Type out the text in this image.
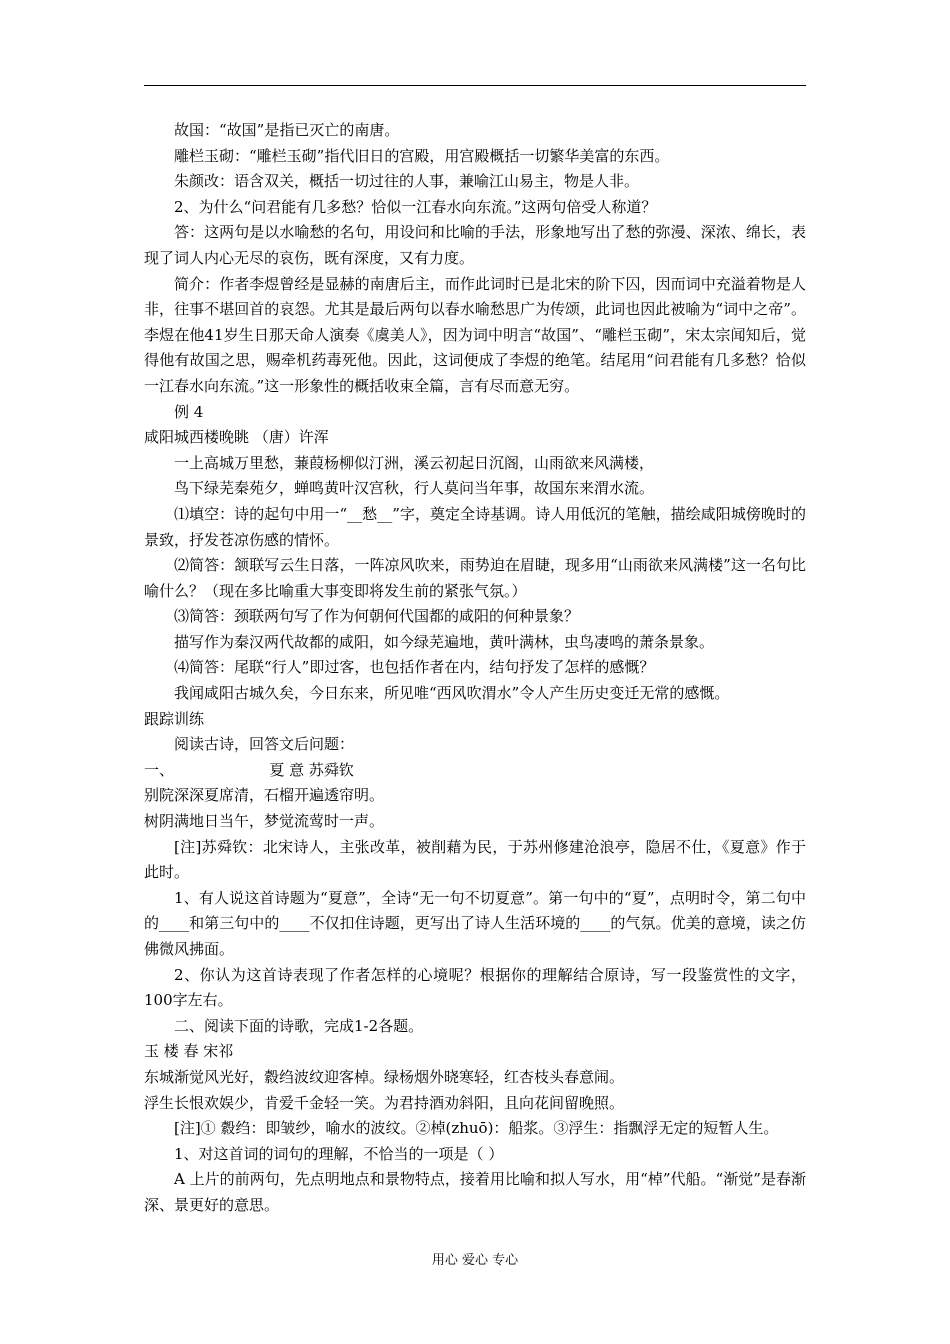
故国：“故国”是指已灭亡的南唐。

雕栏玉砌：“雕栏玉砌”指代旧日的宫殿，用宫殿概括一切繁华美富的东西。

朱颜改：语含双关，概括一切过往的人事，兼喻江山易主，物是人非。

2、为什么“问君能有几多愁？恰似一江春水向东流。”这两句倍受人称道？

答：这两句是以水喻愁的名句，用设问和比喻的手法，形象地写出了愁的弥漫、深浓、绵长，表现了词人内心无尽的哀伤，既有深度，又有力度。

简介：作者李煜曾经是显赫的南唐后主，而作此词时已是北宋的阶下囚，因而词中充溢着物是人非，往事不堪回首的哀怨。尤其是最后两句以春水喻愁思广为传颂，此词也因此被喻为“词中之帝”。李煜在他41岁生日那天命人演奏《虞美人》，因为词中明言“故国”、“雕栏玉砌”，宋太宗闻知后，觉得他有故国之思，赐牵机药毒死他。因此，这词便成了李煜的绝笔。结尾用“问君能有几多愁？恰似一江春水向东流。”这一形象性的概括收束全篇，言有尽而意无穷。

例 4

咸阳城西楼晚眺 （唐）许浑

一上高城万里愁，蒹葭杨柳似汀洲，溪云初起日沉阁，山雨欲来风满楼，

鸟下绿芜秦苑夕，蝉鸣黄叶汉宫秋，行人莫问当年事，故国东来渭水流。

⑴填空：诗的起句中用一“__愁__”字，奠定全诗基调。诗人用低沉的笔触，描绘咸阳城傍晚时的景致，抒发苍凉伤感的情怀。

⑵简答：颔联写云生日落，一阵凉风吹来，雨势迫在眉睫，现多用“山雨欲来风满楼”这一名句比喻什么？（现在多比喻重大事变即将发生前的紧张气氛。）

⑶简答：颈联两句写了作为何朝何代国都的咸阳的何种景象？

描写作为秦汉两代故都的咸阳，如今绿芜遍地，黄叶满林，虫鸟凄鸣的萧条景象。

⑷简答：尾联“行人”即过客，也包括作者在内，结句抒发了怎样的感慨？

我闻咸阳古城久矣，今日东来，所见唯“西风吹渭水”令人产生历史变迁无常的感慨。

跟踪训练

阅读古诗，回答文后问题：

一、                    夏 意 苏舜钦

别院深深夏席清，石榴开遍透帘明。

树阴满地日当午，梦觉流莺时一声。

[注]苏舜钦：北宋诗人，主张改革，被削藉为民，于苏州修建沧浪亭，隐居不仕，《夏意》作于此时。

1、有人说这首诗题为“夏意”，全诗“无一句不切夏意”。第一句中的“夏”，点明时令，第二句中的____和第三句中的____不仅扣住诗题，更写出了诗人生活环境的____的气氛。优美的意境，读之仿佛微风拂面。

2、你认为这首诗表现了作者怎样的心境呢？根据你的理解结合原诗，写一段鉴赏性的文字，100字左右。

二、阅读下面的诗歌，完成1-2各题。

玉 楼 春 宋祁

东城渐觉风光好，縠绉波纹迎客棹。绿杨烟外晓寒轻，红杏枝头春意闹。

浮生长恨欢娱少，肯爱千金轻一笑。为君持酒劝斜阳，且向花间留晚照。

[注]① 縠绉：即皱纱，喻水的波纹。②棹(zhuō)：船浆。③浮生：指飘浮无定的短暂人生。

1、对这首词的词句的理解，不恰当的一项是（ ）

A 上片的前两句，先点明地点和景物特点，接着用比喻和拟人写水，用“棹”代船。“渐觉”是春渐深、景更好的意思。

用心 爱心 专心
